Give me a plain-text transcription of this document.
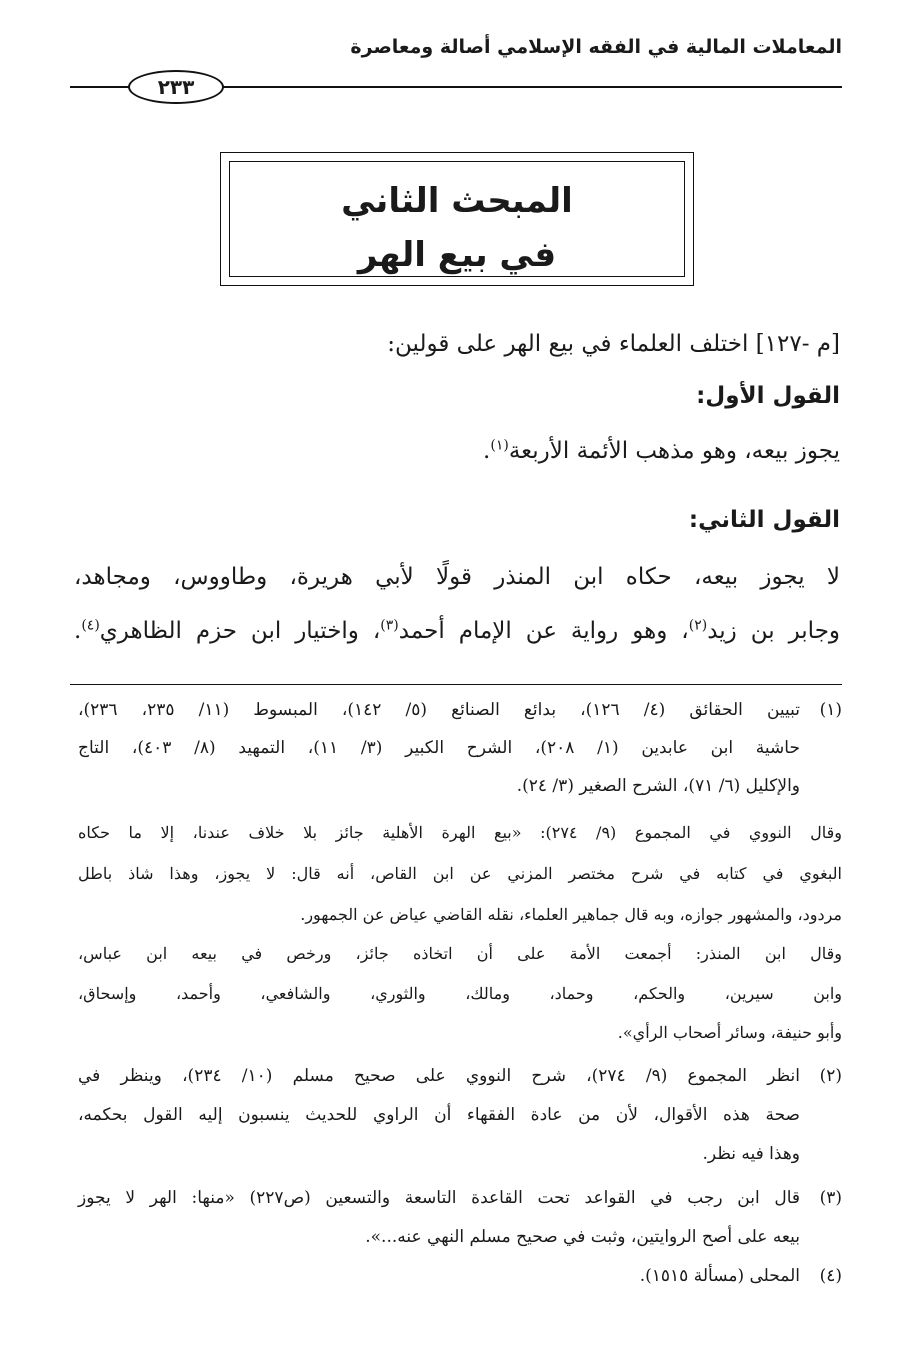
المعاملات المالية في الفقه الإسلامي أصالة ومعاصرة
٢٣٣
المبحث الثاني
في بيع الهر
[م -١٢٧] اختلف العلماء في بيع الهر على قولين:
القول الأول:
يجوز بيعه، وهو مذهب الأئمة الأربعة$^{(١)}$.
القول الثاني:
لا يجوز بيعه، حكاه ابن المنذر قولًا لأبي هريرة، وطاووس، ومجاهد،
وجابر بن زيد$^{(٢)}$، وهو رواية عن الإمام أحمد$^{(٣)}$، واختيار ابن حزم الظاهري$^{(٤)}$.
(١)
تبيين الحقائق (٤/ ١٢٦)، بدائع الصنائع (٥/ ١٤٢)، المبسوط (١١/ ٢٣٥، ٢٣٦)،
حاشية ابن عابدين (١/ ٢٠٨)، الشرح الكبير (٣/ ١١)، التمهيد (٨/ ٤٠٣)، التاج
والإكليل (٦/ ٧١)، الشرح الصغير (٣/ ٢٤).
وقال النووي في المجموع (٩/ ٢٧٤): «بيع الهرة الأهلية جائز بلا خلاف عندنا، إلا ما حكاه
البغوي في كتابه في شرح مختصر المزني عن ابن القاص، أنه قال: لا يجوز، وهذا شاذ باطل
مردود، والمشهور جوازه، وبه قال جماهير العلماء، نقله القاضي عياض عن الجمهور.
وقال ابن المنذر: أجمعت الأمة على أن اتخاذه جائز، ورخص في بيعه ابن عباس،
وابن سيرين، والحكم، وحماد، ومالك، والثوري، والشافعي، وأحمد، وإسحاق،
وأبو حنيفة، وسائر أصحاب الرأي».
(٢)
انظر المجموع (٩/ ٢٧٤)، شرح النووي على صحيح مسلم (١٠/ ٢٣٤)، وينظر في
صحة هذه الأقوال، لأن من عادة الفقهاء أن الراوي للحديث ينسبون إليه القول بحكمه،
وهذا فيه نظر.
(٣)
قال ابن رجب في القواعد تحت القاعدة التاسعة والتسعين (ص٢٢٧) «منها: الهر لا يجوز
بيعه على أصح الروايتين، وثبت في صحيح مسلم النهي عنه...».
(٤)
المحلى (مسألة ١٥١٥).
